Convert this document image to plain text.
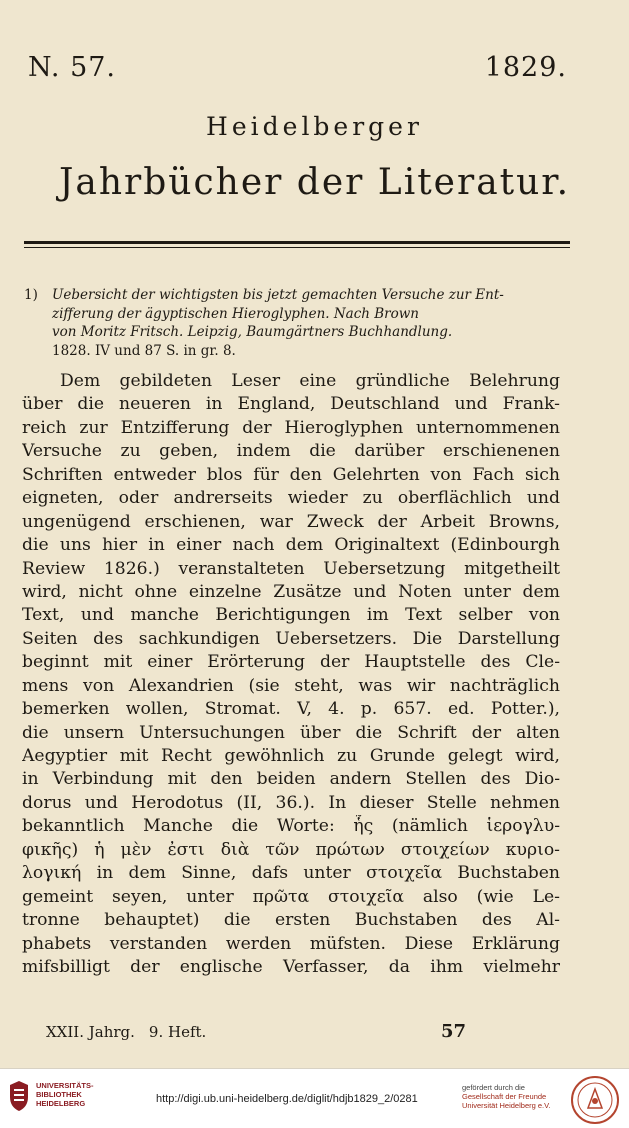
N. 57.	1829.
Heidelberger
Jahrbücher der Literatur.
1) Uebersicht der wichtigsten bis jetzt gemachten Versuche zur Ent-
zifferung der ägyptischen Hieroglyphen. Nach Brown
von Moritz Fritsch. Leipzig, Baumgärtners Buchhandlung.
1828. IV und 87 S. in gr. 8.
Dem gebildeten Leser eine gründliche Belehrung
über die neueren in England, Deutschland und Frank-
reich zur Entzifferung der Hieroglyphen unternommenen
Versuche zu geben, indem die darüber erschienenen
Schriften entweder blos für den Gelehrten von Fach sich
eigneten, oder andrerseits wieder zu oberflächlich und
ungenügend erschienen, war Zweck der Arbeit Browns,
die uns hier in einer nach dem Originaltext (Edinbourgh
Review 1826.) veranstalteten Uebersetzung mitgetheilt
wird, nicht ohne einzelne Zusätze und Noten unter dem
Text, und manche Berichtigungen im Text selber von
Seiten des sachkundigen Uebersetzers. Die Darstellung
beginnt mit einer Erörterung der Hauptstelle des Cle-
mens von Alexandrien (sie steht, was wir nachträglich
bemerken wollen, Stromat. V, 4. p. 657. ed. Potter.),
die unsern Untersuchungen über die Schrift der alten
Aegyptier mit Recht gewöhnlich zu Grunde gelegt wird,
in Verbindung mit den beiden andern Stellen des Dio-
dorus und Herodotus (II, 36.). In dieser Stelle nehmen
bekanntlich Manche die Worte: ἧς (nämlich ἱερογλυ-
φικῆς) ἡ μὲν ἐστι διὰ τῶν πρώτων στοιχείων κυριο-
λογική in dem Sinne, dafs unter στοιχεῖα Buchstaben
gemeint seyen, unter πρῶτα στοιχεῖα also (wie Le-
tronne behauptet) die ersten Buchstaben des Al-
phabets verstanden werden müfsten. Diese Erklärung
mifsbilligt der englische Verfasser, da ihm vielmehr
XXII. Jahrg. 9. Heft.	57
UNIVERSITÄTS-
BIBLIOTHEK
HEIDELBERG	http://digi.ub.uni-heidelberg.de/diglit/hdjb1829_2/0281
gefördert durch die
Gesellschaft der Freunde
Universität Heidelberg e.V.
